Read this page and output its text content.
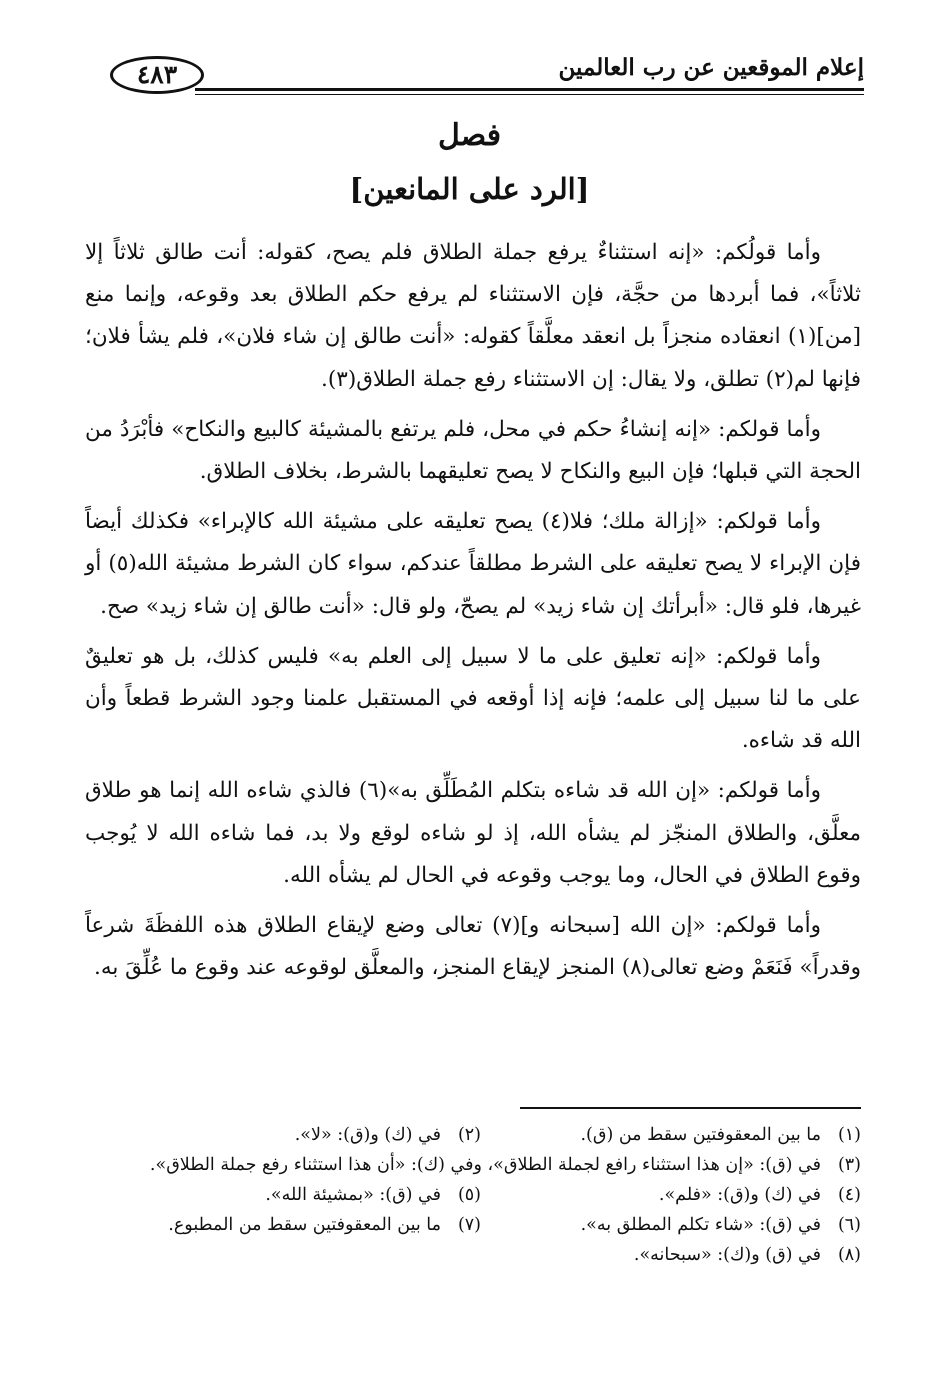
إعلام الموقعين عن رب العالمين
٤٨٣
فصل
[الرد على المانعين]

وأما قولُكم: «إنه استثناءٌ يرفع جملة الطلاق فلم يصح، كقوله: أنت طالق ثلاثاً إلا ثلاثاً»، فما أبردها من حجَّة، فإن الاستثناء لم يرفع حكم الطلاق بعد وقوعه، وإنما منع [من](١) انعقاده منجزاً بل انعقد معلَّقاً كقوله: «أنت طالق إن شاء فلان»، فلم يشأ فلان؛ فإنها لم(٢) تطلق، ولا يقال: إن الاستثناء رفع جملة الطلاق(٣).

وأما قولكم: «إنه إنشاءُ حكم في محل، فلم يرتفع بالمشيئة كالبيع والنكاح» فأبْرَدُ من الحجة التي قبلها؛ فإن البيع والنكاح لا يصح تعليقهما بالشرط، بخلاف الطلاق.

وأما قولكم: «إزالة ملك؛ فلا(٤) يصح تعليقه على مشيئة الله كالإبراء» فكذلك أيضاً فإن الإبراء لا يصح تعليقه على الشرط مطلقاً عندكم، سواء كان الشرط مشيئة الله(٥) أو غيرها، فلو قال: «أبرأتك إن شاء زيد» لم يصحّ، ولو قال: «أنت طالق إن شاء زيد» صح.

وأما قولكم: «إنه تعليق على ما لا سبيل إلى العلم به» فليس كذلك، بل هو تعليقٌ على ما لنا سبيل إلى علمه؛ فإنه إذا أوقعه في المستقبل علمنا وجود الشرط قطعاً وأن الله قد شاءه.

وأما قولكم: «إن الله قد شاءه بتكلم المُطَلِّق به»(٦) فالذي شاءه الله إنما هو طلاق معلَّق، والطلاق المنجّز لم يشأه الله، إذ لو شاءه لوقع ولا بد، فما شاءه الله لا يُوجب وقوع الطلاق في الحال، وما يوجب وقوعه في الحال لم يشأه الله.

وأما قولكم: «إن الله [سبحانه و](٧) تعالى وضع لإيقاع الطلاق هذه اللفظَةَ شرعاً وقدراً» فَنَعَمْ وضع تعالى(٨) المنجز لإيقاع المنجز، والمعلَّق لوقوعه عند وقوع ما عُلِّقَ به.

(١)
ما بين المعقوفتين سقط من (ق).
(٢)
في (ك) و(ق): «لا».
(٣)
في (ق): «إن هذا استثناء رافع لجملة الطلاق»، وفي (ك): «أن هذا استثناء رفع جملة الطلاق».
(٤)
في (ك) و(ق): «فلم».
(٥)
في (ق): «بمشيئة الله».
(٦)
في (ق): «شاء تكلم المطلق به».
(٧)
ما بين المعقوفتين سقط من المطبوع.
(٨)
في (ق) و(ك): «سبحانه».
